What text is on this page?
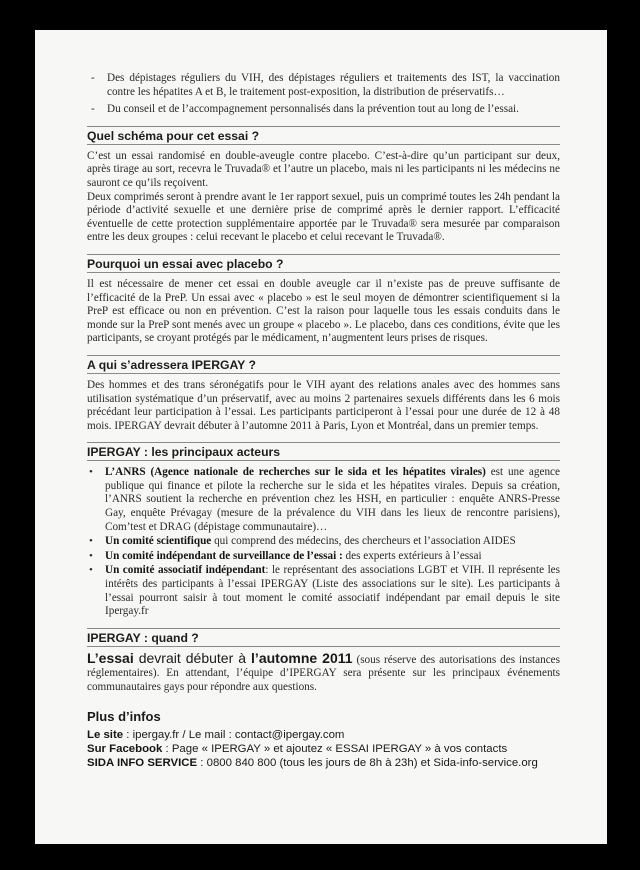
- Des dépistages réguliers du VIH, des dépistages réguliers et traitements des IST, la vaccination contre les hépatites A et B, le traitement post-exposition, la distribution de préservatifs…
- Du conseil et de l’accompagnement personnalisés dans la prévention tout au long de l’essai.
Quel schéma pour cet essai ?

C’est un essai randomisé en double-aveugle contre placebo. C’est-à-dire qu’un participant sur deux, après tirage au sort, recevra le Truvada® et l’autre un placebo, mais ni les participants ni les médecins ne sauront ce qu’ils reçoivent.

Deux comprimés seront à prendre avant le 1er rapport sexuel, puis un comprimé toutes les 24h pendant la période d’activité sexuelle et une dernière prise de comprimé après le dernier rapport. L’efficacité éventuelle de cette protection supplémentaire apportée par le Truvada® sera mesurée par comparaison entre les deux groupes : celui recevant le placebo et celui recevant le Truvada®.

Pourquoi un essai avec placebo ?

Il est nécessaire de mener cet essai en double aveugle car il n’existe pas de preuve suffisante de l’efficacité de la PreP. Un essai avec « placebo » est le seul moyen de démontrer scientifiquement si la PreP est efficace ou non en prévention. C’est la raison pour laquelle tous les essais conduits dans le monde sur la PreP sont menés avec un groupe « placebo ». Le placebo, dans ces conditions, évite que les participants, se croyant protégés par le médicament, n’augmentent leurs prises de risques.

A qui s’adressera IPERGAY ?

Des hommes et des trans séronégatifs pour le VIH ayant des relations anales avec des hommes sans utilisation systématique d’un préservatif, avec au moins 2 partenaires sexuels différents dans les 6 mois précédant leur participation à l’essai. Les participants participeront à l’essai pour une durée de 12 à 48 mois. IPERGAY devrait débuter à l’automne 2011 à Paris, Lyon et Montréal, dans un premier temps.

IPERGAY : les principaux acteurs
• L’ANRS (Agence nationale de recherches sur le sida et les hépatites virales) est une agence publique qui finance et pilote la recherche sur le sida et les hépatites virales. Depuis sa création, l’ANRS soutient la recherche en prévention chez les HSH, en particulier : enquête ANRS-Presse Gay, enquête Prévagay (mesure de la prévalence du VIH dans les lieux de rencontre parisiens), Com’test et DRAG (dépistage communautaire)…
• Un comité scientifique qui comprend des médecins, des chercheurs et l’association AIDES
• Un comité indépendant de surveillance de l’essai : des experts extérieurs à l’essai
• Un comité associatif indépendant: le représentant des associations LGBT et VIH. Il représente les intérêts des participants à l’essai IPERGAY (Liste des associations sur le site). Les participants à l’essai pourront saisir à tout moment le comité associatif indépendant par email depuis le site Ipergay.fr
IPERGAY : quand ?

L’essai devrait débuter à l’automne 2011 (sous réserve des autorisations des instances réglementaires). En attendant, l’équipe d’IPERGAY sera présente sur les principaux événements communautaires gays pour répondre aux questions.

Plus d’infos
Le site : ipergay.fr / Le mail : contact@ipergay.com
Sur Facebook : Page « IPERGAY » et ajoutez « ESSAI IPERGAY » à vos contacts
SIDA INFO SERVICE : 0800 840 800 (tous les jours de 8h à 23h) et Sida-info-service.org
